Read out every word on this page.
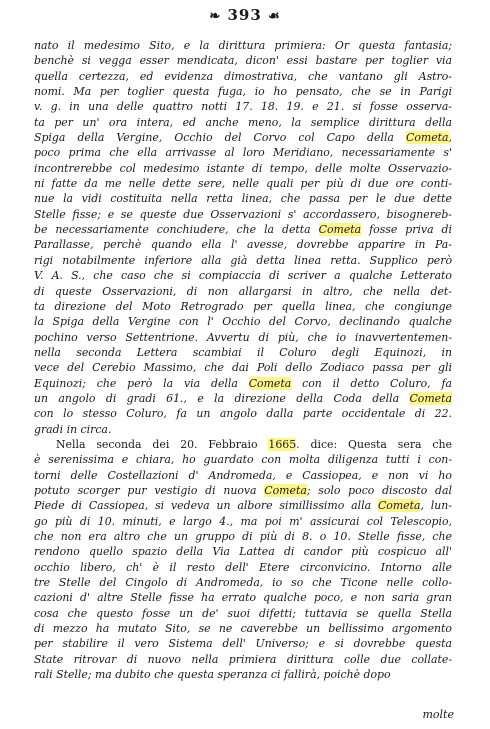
❧ 393 ☙
nato il medesimo Sito, e la dirittura primiera: Or questa fantasia;
benchè si vegga esser mendicata, dicon' essi bastare per toglier via
quella certezza, ed evidenza dimostrativa, che vantano gli Astro-
nomi. Ma per toglier questa fuga, io ho pensato, che se in Parigi
v. g. in una delle quattro notti 17. 18. 19. e 21. si fosse osserva-
ta per un' ora intera, ed anche meno, la semplice dirittura della
Spiga della Vergine, Occhio del Corvo col Capo della Cometa,
poco prima che ella arrivasse al loro Meridiano, necessariamente s'
incontrerebbe col medesimo istante di tempo, delle molte Osservazio-
ni fatte da me nelle dette sere, nelle quali per più di due ore conti-
nue la vidi costituita nella retta linea, che passa per le due dette
Stelle fisse; e se queste due Osservazioni s' accordassero, bisognereb-
be necessariamente conchiudere, che la detta Cometa fosse priva di
Parallasse, perchè quando ella l' avesse, dovrebbe apparire in Pa-
rigi notabilmente inferiore alla già detta linea retta. Supplico però
V. A. S., che caso che si compiaccia di scriver a qualche Letterato
di queste Osservazioni, di non allargarsi in altro, che nella det-
ta direzione del Moto Retrogrado per quella linea, che congiunge
la Spiga della Vergine con l' Occhio del Corvo, declinando qualche
pochino verso Settentrione. Avvertu di più, che io inavvertentemen-
nella seconda Lettera scambiai il Coluro degli Equinozi, in
vece del Cerebio Massimo, che dai Poli dello Zodiaco passa per gli
Equinozi; che però la via della Cometa con il detto Coluro, fa
un angolo di gradi 61., e la direzione della Coda della Cometa
con lo stesso Coluro, fa un angolo dalla parte occidentale di 22.
gradi in circa.
Nella seconda dei 20. Febbraio 1665. dice: Questa sera che
è serenissima e chiara, ho guardato con molta diligenza tutti i con-
torni delle Costellazioni d' Andromeda, e Cassiopea, e non vi ho
potuto scorger pur vestigio di nuova Cometa; solo poco discosto dal
Piede di Cassiopea, si vedeva un albore simillissimo alla Cometa, lun-
go più di 10. minuti, e largo 4., ma poi m' assicurai col Telescopio,
che non era altro che un gruppo di più di 8. o 10. Stelle fisse, che
rendono quello spazio della Via Lattea di candor più cospicuo all'
occhio libero, ch' è il resto dell' Etere circonvicino. Intorno alle
tre Stelle del Cingolo di Andromeda, io so che Ticone nelle collo-
cazioni d' altre Stelle fisse ha errato qualche poco, e non saria gran
cosa che questo fosse un de' suoi difetti; tuttavia se quella Stella
di mezzo ha mutato Sito, se ne caverebbe un bellissimo argomento
per stabilire il vero Sistema dell' Universo; e si dovrebbe questa
State ritrovar di nuovo nella primiera dirittura colle due collate-
rali Stelle; ma dubito che questa speranza ci fallirà, poichè dopo
molte
